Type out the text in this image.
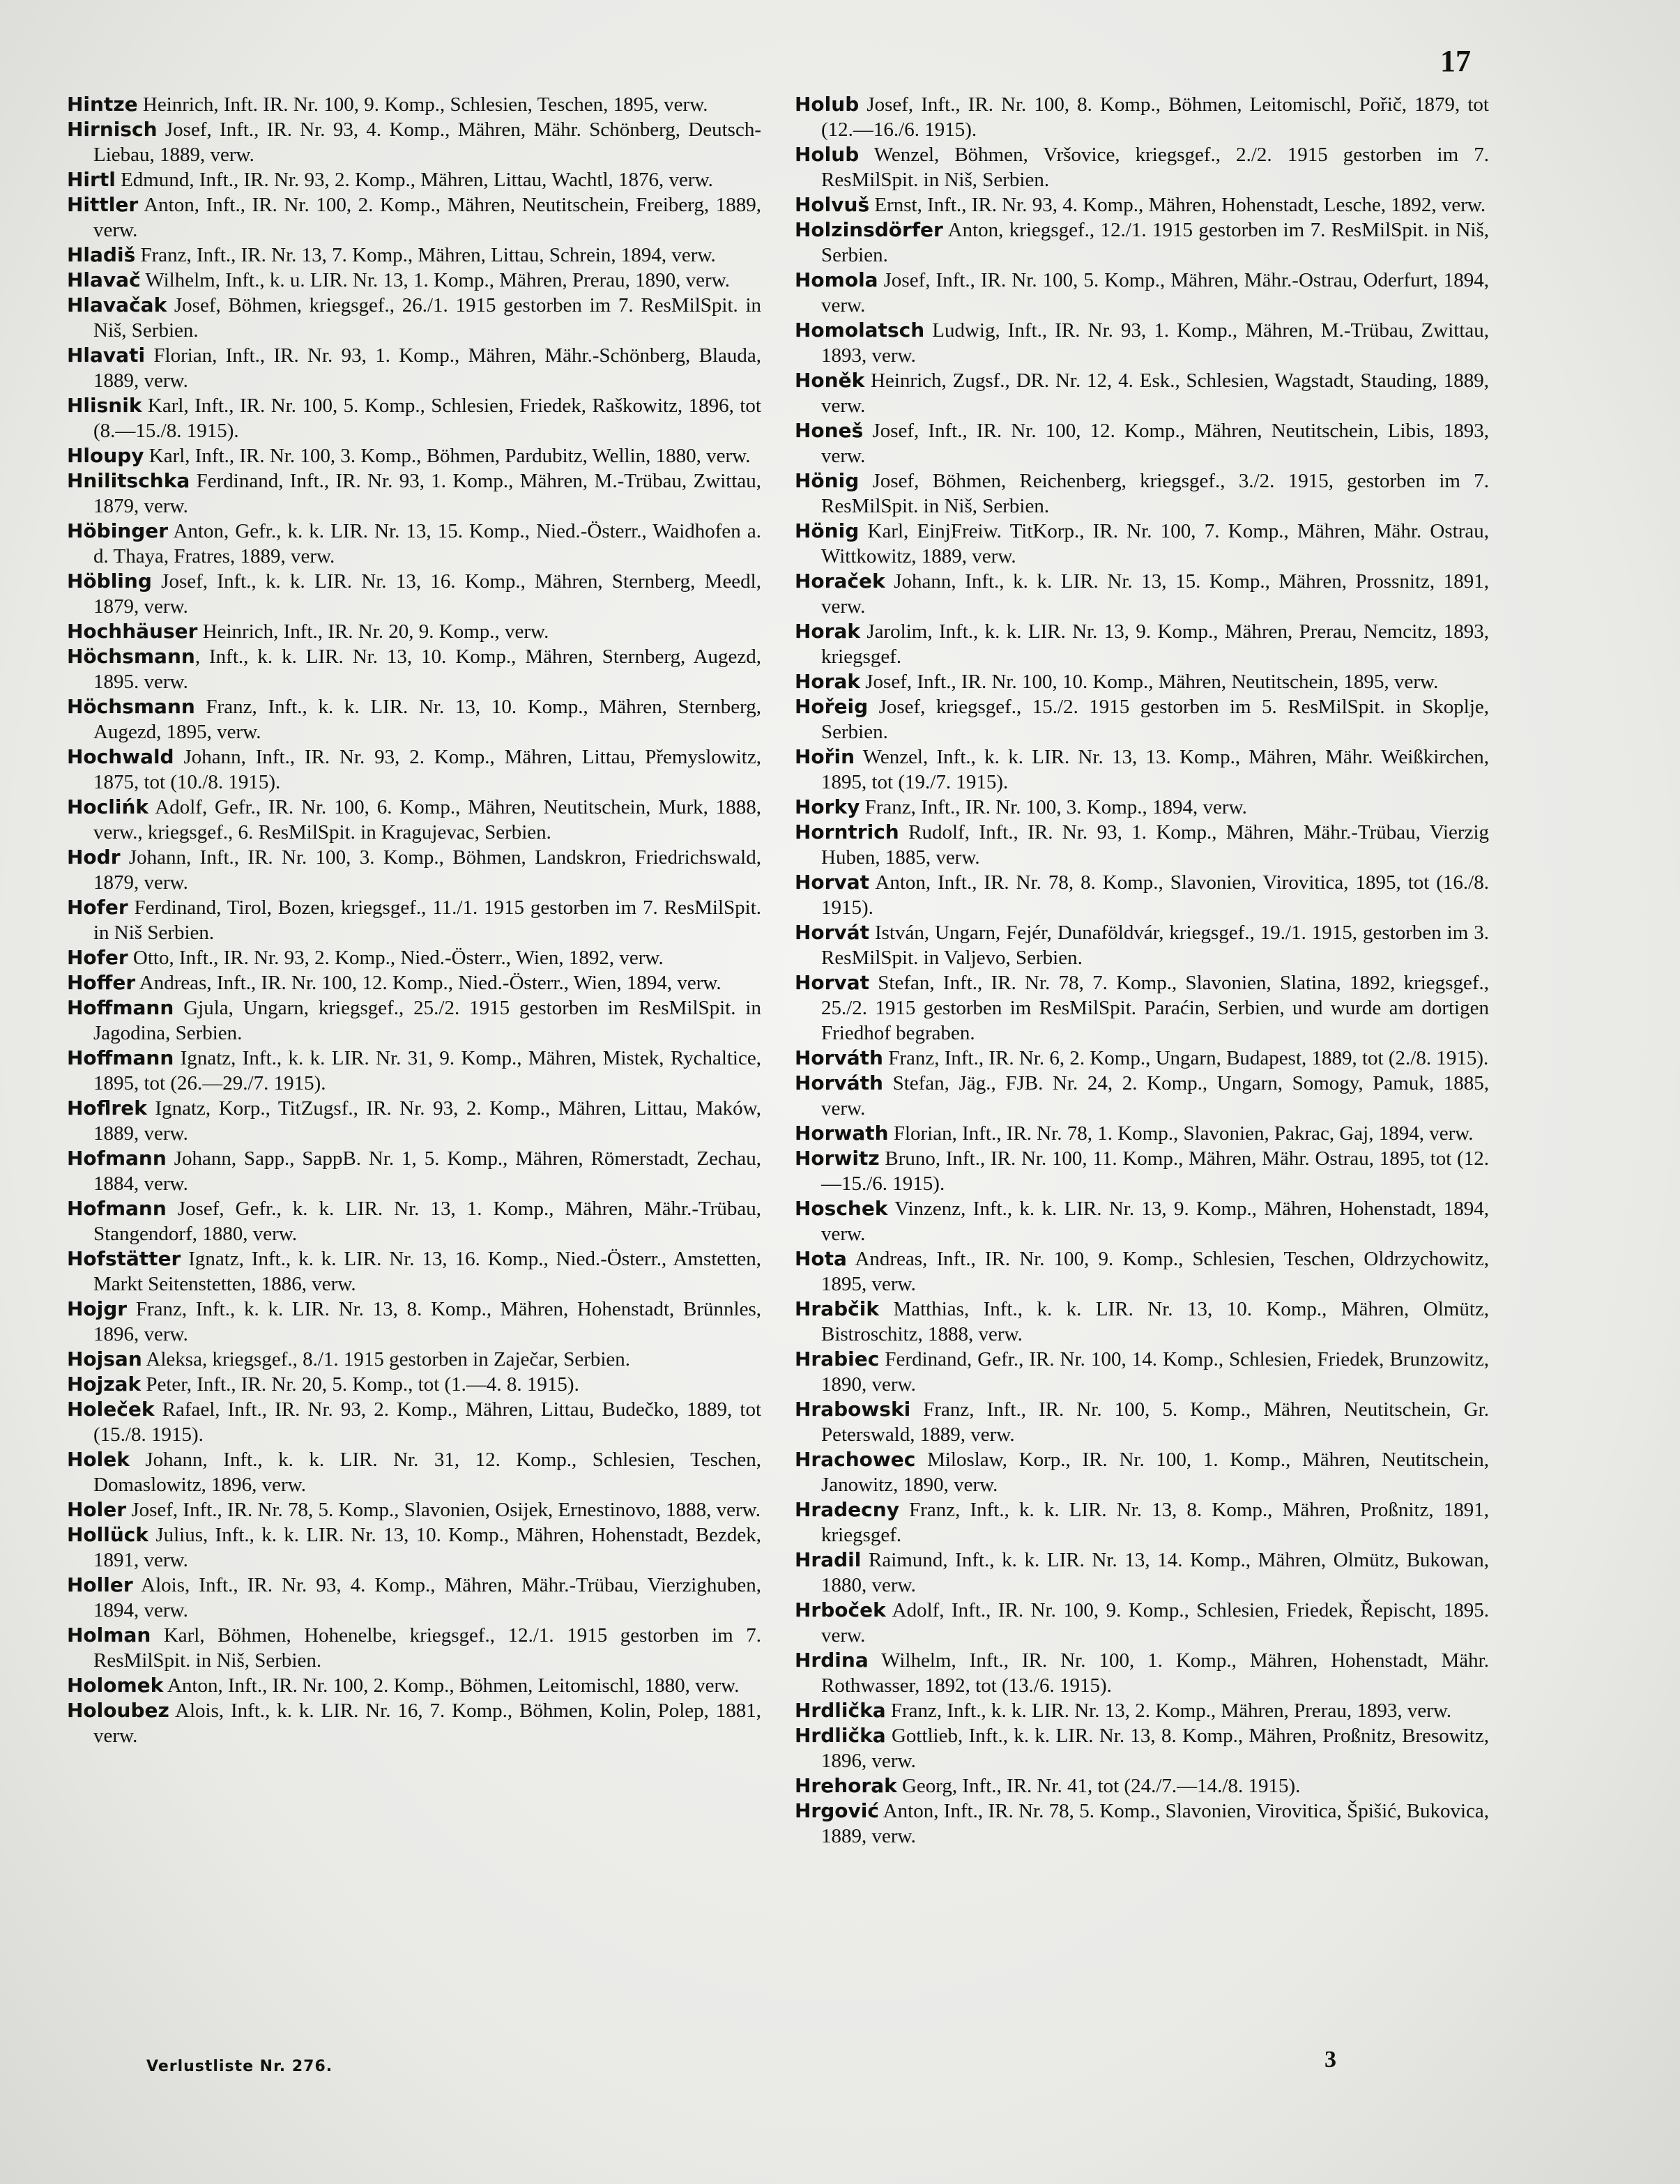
17

Hintze Heinrich, Inft. IR. Nr. 100, 9. Komp., Schlesien, Teschen, 1895, verw.

Hirnisch Josef, Inft., IR. Nr. 93, 4. Komp., Mähren, Mähr. Schönberg, Deutsch-Liebau, 1889, verw.

Hirtl Edmund, Inft., IR. Nr. 93, 2. Komp., Mähren, Littau, Wachtl, 1876, verw.

Hittler Anton, Inft., IR. Nr. 100, 2. Komp., Mähren, Neutitschein, Freiberg, 1889, verw.

Hladiš Franz, Inft., IR. Nr. 13, 7. Komp., Mähren, Littau, Schrein, 1894, verw.

Hlavač Wilhelm, Inft., k. u. LIR. Nr. 13, 1. Komp., Mähren, Prerau, 1890, verw.

Hlavačak Josef, Böhmen, kriegsgef., 26./1. 1915 gestorben im 7. ResMilSpit. in Niš, Serbien.

Hlavati Florian, Inft., IR. Nr. 93, 1. Komp., Mähren, Mähr.-Schönberg, Blauda, 1889, verw.

Hlisnik Karl, Inft., IR. Nr. 100, 5. Komp., Schlesien, Friedek, Raškowitz, 1896, tot (8.—15./8. 1915).

Hloupy Karl, Inft., IR. Nr. 100, 3. Komp., Böhmen, Pardubitz, Wellin, 1880, verw.

Hnilitschka Ferdinand, Inft., IR. Nr. 93, 1. Komp., Mähren, M.-Trübau, Zwittau, 1879, verw.

Höbinger Anton, Gefr., k. k. LIR. Nr. 13, 15. Komp., Nied.-Österr., Waidhofen a. d. Thaya, Fratres, 1889, verw.

Höbling Josef, Inft., k. k. LIR. Nr. 13, 16. Komp., Mähren, Sternberg, Meedl, 1879, verw.

Hochhäuser Heinrich, Inft., IR. Nr. 20, 9. Komp., verw.

Höchsmann, Inft., k. k. LIR. Nr. 13, 10. Komp., Mähren, Sternberg, Augezd, 1895. verw.

Höchsmann Franz, Inft., k. k. LIR. Nr. 13, 10. Komp., Mähren, Sternberg, Augezd, 1895, verw.

Hochwald Johann, Inft., IR. Nr. 93, 2. Komp., Mähren, Littau, Přemyslowitz, 1875, tot (10./8. 1915).

Hoclińk Adolf, Gefr., IR. Nr. 100, 6. Komp., Mähren, Neutitschein, Murk, 1888, verw., kriegsgef., 6. ResMilSpit. in Kragujevac, Serbien.

Hodr Johann, Inft., IR. Nr. 100, 3. Komp., Böhmen, Landskron, Friedrichswald, 1879, verw.

Hofer Ferdinand, Tirol, Bozen, kriegsgef., 11./1. 1915 gestorben im 7. ResMilSpit. in Niš Serbien.

Hofer Otto, Inft., IR. Nr. 93, 2. Komp., Nied.-Österr., Wien, 1892, verw.

Hoffer Andreas, Inft., IR. Nr. 100, 12. Komp., Nied.-Österr., Wien, 1894, verw.

Hoffmann Gjula, Ungarn, kriegsgef., 25./2. 1915 gestorben im ResMilSpit. in Jagodina, Serbien.

Hoffmann Ignatz, Inft., k. k. LIR. Nr. 31, 9. Komp., Mähren, Mistek, Rychaltice, 1895, tot (26.—29./7. 1915).

Hoflrek Ignatz, Korp., TitZugsf., IR. Nr. 93, 2. Komp., Mähren, Littau, Maków, 1889, verw.

Hofmann Johann, Sapp., SappB. Nr. 1, 5. Komp., Mähren, Römerstadt, Zechau, 1884, verw.

Hofmann Josef, Gefr., k. k. LIR. Nr. 13, 1. Komp., Mähren, Mähr.-Trübau, Stangendorf, 1880, verw.

Hofstätter Ignatz, Inft., k. k. LIR. Nr. 13, 16. Komp., Nied.-Österr., Amstetten, Markt Seitenstetten, 1886, verw.

Hojgr Franz, Inft., k. k. LIR. Nr. 13, 8. Komp., Mähren, Hohenstadt, Brünnles, 1896, verw.

Hojsan Aleksa, kriegsgef., 8./1. 1915 gestorben in Zaječar, Serbien.

Hojzak Peter, Inft., IR. Nr. 20, 5. Komp., tot (1.—4. 8. 1915).

Holeček Rafael, Inft., IR. Nr. 93, 2. Komp., Mähren, Littau, Budečko, 1889, tot (15./8. 1915).

Holek Johann, Inft., k. k. LIR. Nr. 31, 12. Komp., Schlesien, Teschen, Domaslowitz, 1896, verw.

Holer Josef, Inft., IR. Nr. 78, 5. Komp., Slavonien, Osijek, Ernestinovo, 1888, verw.

Hollück Julius, Inft., k. k. LIR. Nr. 13, 10. Komp., Mähren, Hohenstadt, Bezdek, 1891, verw.

Holler Alois, Inft., IR. Nr. 93, 4. Komp., Mähren, Mähr.-Trübau, Vierzighuben, 1894, verw.

Holman Karl, Böhmen, Hohenelbe, kriegsgef., 12./1. 1915 gestorben im 7. ResMilSpit. in Niš, Serbien.

Holomek Anton, Inft., IR. Nr. 100, 2. Komp., Böhmen, Leitomischl, 1880, verw.

Holoubez Alois, Inft., k. k. LIR. Nr. 16, 7. Komp., Böhmen, Kolin, Polep, 1881, verw.

Holub Josef, Inft., IR. Nr. 100, 8. Komp., Böhmen, Leitomischl, Pořič, 1879, tot (12.—16./6. 1915).

Holub Wenzel, Böhmen, Vršovice, kriegsgef., 2./2. 1915 gestorben im 7. ResMilSpit. in Niš, Serbien.

Holvuš Ernst, Inft., IR. Nr. 93, 4. Komp., Mähren, Hohenstadt, Lesche, 1892, verw.

Holzinsdörfer Anton, kriegsgef., 12./1. 1915 gestorben im 7. ResMilSpit. in Niš, Serbien.

Homola Josef, Inft., IR. Nr. 100, 5. Komp., Mähren, Mähr.-Ostrau, Oderfurt, 1894, verw.

Homolatsch Ludwig, Inft., IR. Nr. 93, 1. Komp., Mähren, M.-Trübau, Zwittau, 1893, verw.

Honěk Heinrich, Zugsf., DR. Nr. 12, 4. Esk., Schlesien, Wagstadt, Stauding, 1889, verw.

Honeš Josef, Inft., IR. Nr. 100, 12. Komp., Mähren, Neutitschein, Libis, 1893, verw.

Hönig Josef, Böhmen, Reichenberg, kriegsgef., 3./2. 1915, gestorben im 7. ResMilSpit. in Niš, Serbien.

Hönig Karl, EinjFreiw. TitKorp., IR. Nr. 100, 7. Komp., Mähren, Mähr. Ostrau, Wittkowitz, 1889, verw.

Horaček Johann, Inft., k. k. LIR. Nr. 13, 15. Komp., Mähren, Prossnitz, 1891, verw.

Horak Jarolim, Inft., k. k. LIR. Nr. 13, 9. Komp., Mähren, Prerau, Nemcitz, 1893, kriegsgef.

Horak Josef, Inft., IR. Nr. 100, 10. Komp., Mähren, Neutitschein, 1895, verw.

Hořeig Josef, kriegsgef., 15./2. 1915 gestorben im 5. ResMilSpit. in Skoplje, Serbien.

Hořin Wenzel, Inft., k. k. LIR. Nr. 13, 13. Komp., Mähren, Mähr. Weißkirchen, 1895, tot (19./7. 1915).

Horky Franz, Inft., IR. Nr. 100, 3. Komp., 1894, verw.

Horntrich Rudolf, Inft., IR. Nr. 93, 1. Komp., Mähren, Mähr.-Trübau, Vierzig Huben, 1885, verw.

Horvat Anton, Inft., IR. Nr. 78, 8. Komp., Slavonien, Virovitica, 1895, tot (16./8. 1915).

Horvát István, Ungarn, Fejér, Dunaföldvár, kriegsgef., 19./1. 1915, gestorben im 3. ResMilSpit. in Valjevo, Serbien.

Horvat Stefan, Inft., IR. Nr. 78, 7. Komp., Slavonien, Slatina, 1892, kriegsgef., 25./2. 1915 gestorben im ResMilSpit. Paraćin, Serbien, und wurde am dortigen Friedhof begraben.

Horváth Franz, Inft., IR. Nr. 6, 2. Komp., Ungarn, Budapest, 1889, tot (2./8. 1915).

Horváth Stefan, Jäg., FJB. Nr. 24, 2. Komp., Ungarn, Somogy, Pamuk, 1885, verw.

Horwath Florian, Inft., IR. Nr. 78, 1. Komp., Slavonien, Pakrac, Gaj, 1894, verw.

Horwitz Bruno, Inft., IR. Nr. 100, 11. Komp., Mähren, Mähr. Ostrau, 1895, tot (12.—15./6. 1915).

Hoschek Vinzenz, Inft., k. k. LIR. Nr. 13, 9. Komp., Mähren, Hohenstadt, 1894, verw.

Hota Andreas, Inft., IR. Nr. 100, 9. Komp., Schlesien, Teschen, Oldrzychowitz, 1895, verw.

Hrabčik Matthias, Inft., k. k. LIR. Nr. 13, 10. Komp., Mähren, Olmütz, Bistroschitz, 1888, verw.

Hrabiec Ferdinand, Gefr., IR. Nr. 100, 14. Komp., Schlesien, Friedek, Brunzowitz, 1890, verw.

Hrabowski Franz, Inft., IR. Nr. 100, 5. Komp., Mähren, Neutitschein, Gr. Peterswald, 1889, verw.

Hrachowec Miloslaw, Korp., IR. Nr. 100, 1. Komp., Mähren, Neutitschein, Janowitz, 1890, verw.

Hradecny Franz, Inft., k. k. LIR. Nr. 13, 8. Komp., Mähren, Proßnitz, 1891, kriegsgef.

Hradil Raimund, Inft., k. k. LIR. Nr. 13, 14. Komp., Mähren, Olmütz, Bukowan, 1880, verw.

Hrboček Adolf, Inft., IR. Nr. 100, 9. Komp., Schlesien, Friedek, Řepischt, 1895. verw.

Hrdina Wilhelm, Inft., IR. Nr. 100, 1. Komp., Mähren, Hohenstadt, Mähr. Rothwasser, 1892, tot (13./6. 1915).

Hrdlička Franz, Inft., k. k. LIR. Nr. 13, 2. Komp., Mähren, Prerau, 1893, verw.

Hrdlička Gottlieb, Inft., k. k. LIR. Nr. 13, 8. Komp., Mähren, Proßnitz, Bresowitz, 1896, verw.

Hrehorak Georg, Inft., IR. Nr. 41, tot (24./7.—14./8. 1915).

Hrgović Anton, Inft., IR. Nr. 78, 5. Komp., Slavonien, Virovitica, Špišić, Bukovica, 1889, verw.

Verlustliste Nr. 276.	3
